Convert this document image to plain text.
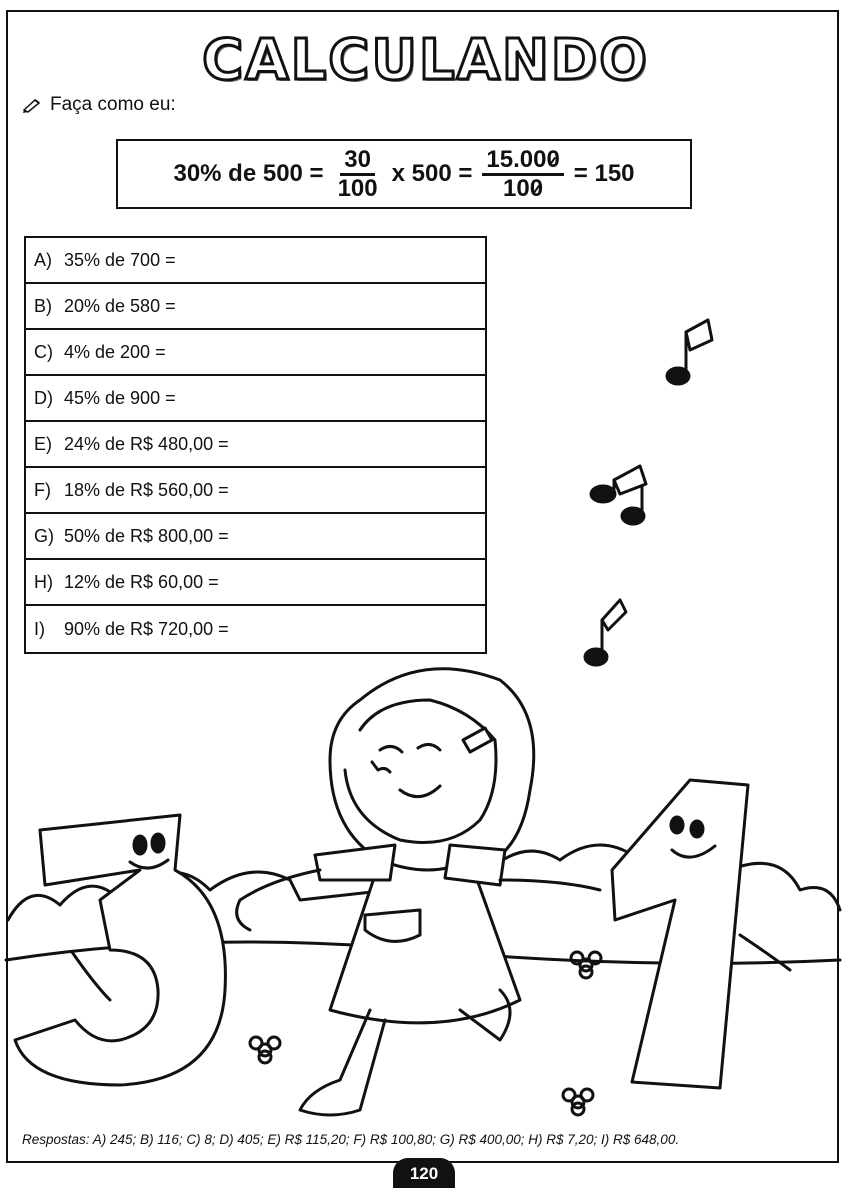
CALCULANDO
Faça como eu:
30% de $500 = \frac{30}{100}$ x $500 = \frac{15.000}{100} = 150$
A) 35% de 700 =
B) 20% de 580 =
C) 4% de 200 =
D) 45% de 900 =
E) 24% de R$ 480,00 =
F) 18% de R$ 560,00 =
G) 50% de R$ 800,00 =
H) 12% de R$ 60,00 =
I)	90% de R$ 720,00 =
Respostas: A) 245; B) 116; C) 8; D) 405; E) R$ 115,20; F) R$ 100,80; G) R$ 400,00; H) R$ 7,20; I) R$ 648,00.
120
